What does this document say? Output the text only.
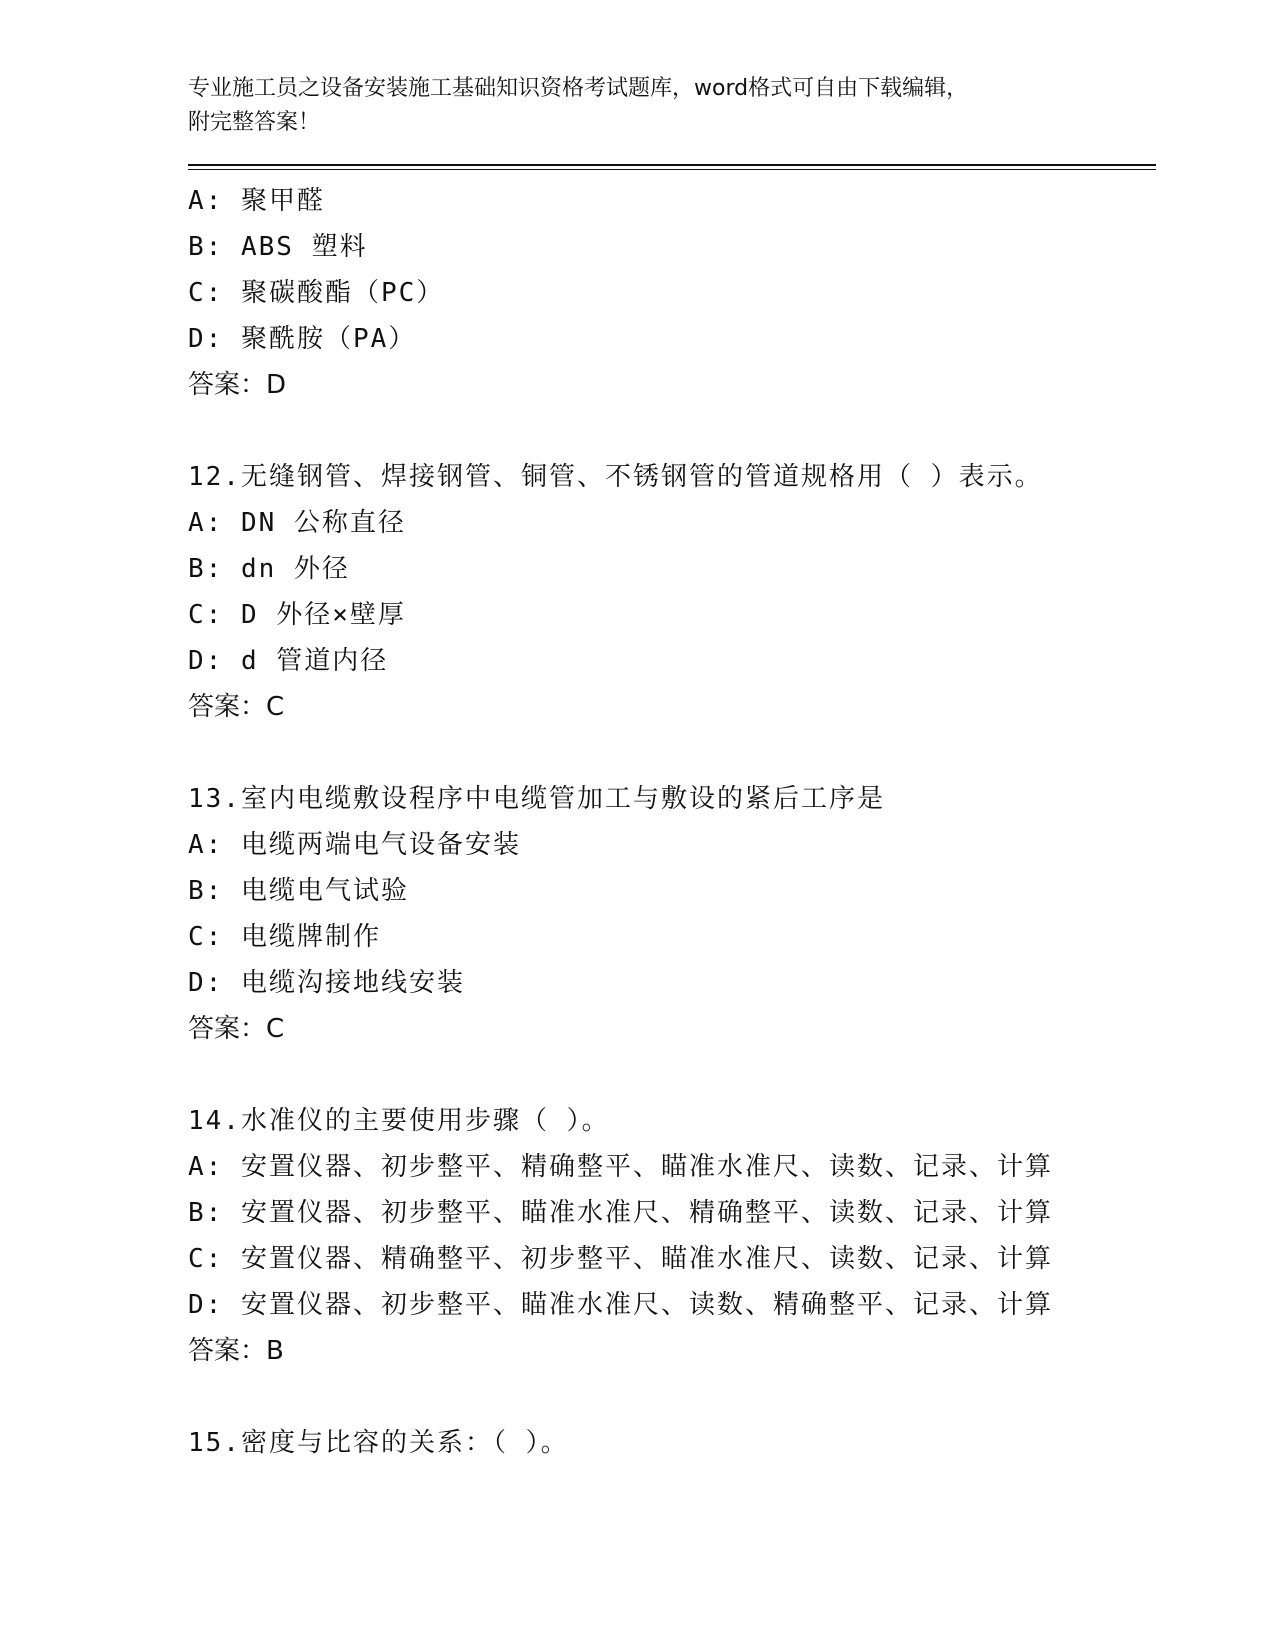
专业施工员之设备安装施工基础知识资格考试题库，word格式可自由下载编辑，

附完整答案！

A: 聚甲醛
B: ABS 塑料
C: 聚碳酸酯（PC）
D: 聚酰胺（PA）
答案：D
12.无缝钢管、焊接钢管、铜管、不锈钢管的管道规格用（ ）表示。
A: DN 公称直径
B: dn 外径
C: D 外径×壁厚
D: d 管道内径
答案：C
13.室内电缆敷设程序中电缆管加工与敷设的紧后工序是
A: 电缆两端电气设备安装
B: 电缆电气试验
C: 电缆牌制作
D: 电缆沟接地线安装
答案：C
14.水准仪的主要使用步骤（ ）。
A: 安置仪器、初步整平、精确整平、瞄准水准尺、读数、记录、计算
B: 安置仪器、初步整平、瞄准水准尺、精确整平、读数、记录、计算
C: 安置仪器、精确整平、初步整平、瞄准水准尺、读数、记录、计算
D: 安置仪器、初步整平、瞄准水准尺、读数、精确整平、记录、计算
答案：B
15.密度与比容的关系：（ ）。
